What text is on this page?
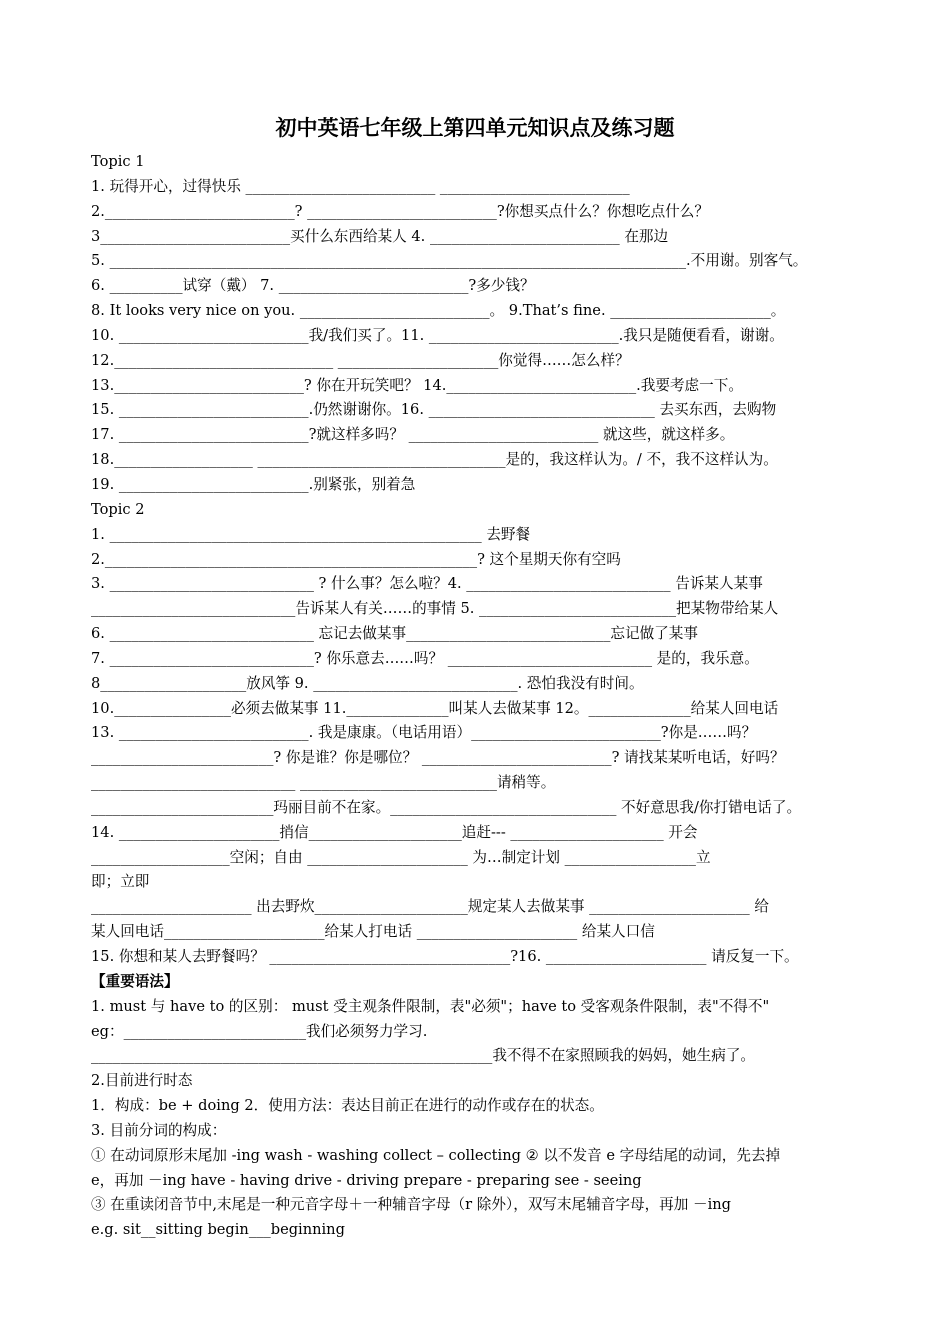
初中英语七年级上第四单元知识点及练习题
Topic 1
1. 玩得开心，过得快乐 __________________________ __________________________
2.__________________________? __________________________?你想买点什么？你想吃点什么？
3__________________________买什么东西给某人 4. __________________________ 在那边
5. _______________________________________________________________________________.不用谢。别客气。
6. __________试穿（戴） 7. __________________________?多少钱？
8. It looks very nice on you. __________________________。 9.That’s fine. ______________________。
10. __________________________我/我们买了。11. __________________________.我只是随便看看，谢谢。
12.______________________________ ______________________你觉得……怎么样？
13.__________________________? 你在开玩笑吧？ 14.__________________________.我要考虑一下。
15. __________________________.仍然谢谢你。16. _______________________________ 去买东西，去购物
17. __________________________?就这样多吗？ __________________________ 就这些，就这样多。
18.___________________ __________________________________是的，我这样认为。/ 不，我不这样认为。
19. __________________________.别紧张，别着急
Topic 2
1. ___________________________________________________ 去野餐
2.___________________________________________________? 这个星期天你有空吗
3. ____________________________ ? 什么事？怎么啦？4. ____________________________ 告诉某人某事
____________________________告诉某人有关……的事情 5. ___________________________把某物带给某人
6. ____________________________ 忘记去做某事____________________________忘记做了某事
7. ____________________________? 你乐意去……吗？ ____________________________ 是的，我乐意。
8____________________放风筝 9. ____________________________. 恐怕我没有时间。
10.________________必须去做某事 11.______________叫某人去做某事 12。______________给某人回电话
13. __________________________. 我是康康。（电话用语）__________________________?你是……吗？
_________________________? 你是谁？你是哪位？ __________________________? 请找某某听电话，好吗？
____________________________ ___________________________请稍等。
_________________________玛丽目前不在家。_______________________________ 不好意思我/你打错电话了。
14. ______________________捎信_____________________追赶--- _____________________ 开会
___________________空闲；自由 ______________________ 为…制定计划 __________________立
即；立即
______________________ 出去野炊_____________________规定某人去做某事 ______________________ 给
某人回电话______________________给某人打电话 ______________________ 给某人口信
15. 你想和某人去野餐吗？ _________________________________?16. ______________________ 请反复一下。
【重要语法】
1. must 与 have to 的区别： must 受主观条件限制，表"必须"；have to 受客观条件限制，表"不得不"
eg：_________________________我们必须努力学习.
_______________________________________________________我不得不在家照顾我的妈妈，她生病了。
2.目前进行时态
1．构成：be + doing 2．使用方法：表达目前正在进行的动作或存在的状态。
3. 目前分词的构成：
① 在动词原形末尾加 -ing wash - washing collect – collecting ② 以不发音 e 字母结尾的动词，先去掉
e，再加 －ing have - having drive - driving prepare - preparing see - seeing
③ 在重读闭音节中,末尾是一种元音字母＋一种辅音字母（r 除外），双写末尾辅音字母，再加 －ing
e.g. sit__sitting begin___beginning
